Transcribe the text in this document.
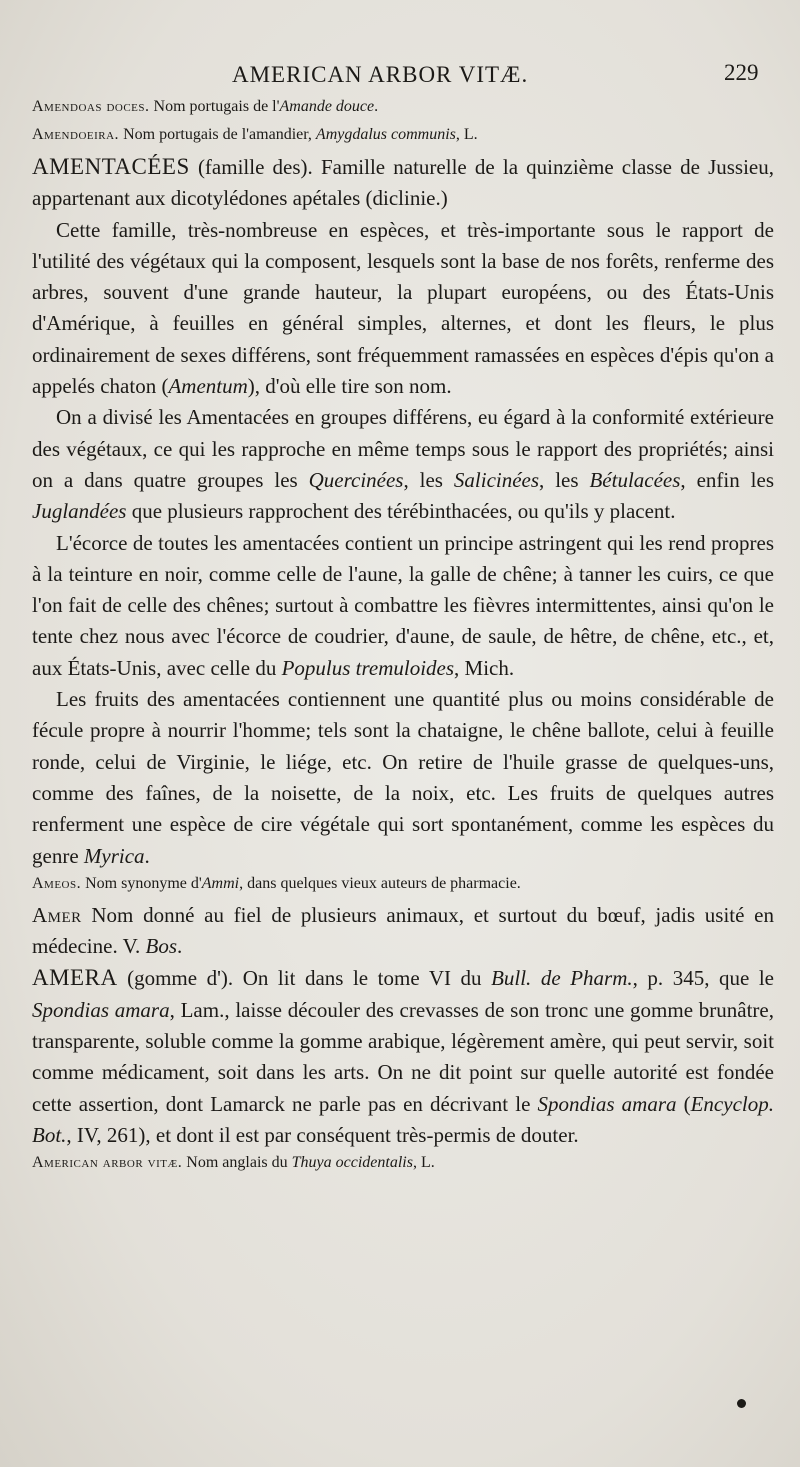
AMERICAN ARBOR VITÆ.	229

Amendoas doces. Nom portugais de l'Amande douce.

Amendoeira. Nom portugais de l'amandier, Amygdalus communis, L.

AMENTACÉES (famille des). Famille naturelle de la quinzième classe de Jussieu, appartenant aux dicotylédones apétales (diclinie.)

Cette famille, très-nombreuse en espèces, et très-importante sous le rapport de l'utilité des végétaux qui la composent, lesquels sont la base de nos forêts, renferme des arbres, souvent d'une grande hauteur, la plupart européens, ou des États-Unis d'Amérique, à feuilles en général simples, alternes, et dont les fleurs, le plus ordinairement de sexes différens, sont fréquemment ramassées en espèces d'épis qu'on a appelés chaton (Amentum), d'où elle tire son nom.

On a divisé les Amentacées en groupes différens, eu égard à la conformité extérieure des végétaux, ce qui les rapproche en même temps sous le rapport des propriétés; ainsi on a dans quatre groupes les Quercinées, les Salicinées, les Bétulacées, enfin les Juglandées que plusieurs rapprochent des térébinthacées, ou qu'ils y placent.

L'écorce de toutes les amentacées contient un principe astringent qui les rend propres à la teinture en noir, comme celle de l'aune, la galle de chêne; à tanner les cuirs, ce que l'on fait de celle des chênes; surtout à combattre les fièvres intermittentes, ainsi qu'on le tente chez nous avec l'écorce de coudrier, d'aune, de saule, de hêtre, de chêne, etc., et, aux États-Unis, avec celle du Populus tremuloides, Mich.

Les fruits des amentacées contiennent une quantité plus ou moins considérable de fécule propre à nourrir l'homme; tels sont la chataigne, le chêne ballote, celui à feuille ronde, celui de Virginie, le liége, etc. On retire de l'huile grasse de quelques-uns, comme des faînes, de la noisette, de la noix, etc. Les fruits de quelques autres renferment une espèce de cire végétale qui sort spontanément, comme les espèces du genre Myrica.

Ameos. Nom synonyme d'Ammi, dans quelques vieux auteurs de pharmacie.

Amer Nom donné au fiel de plusieurs animaux, et surtout du bœuf, jadis usité en médecine. V. Bos.

AMERA (gomme d'). On lit dans le tome VI du Bull. de Pharm., p. 345, que le Spondias amara, Lam., laisse découler des crevasses de son tronc une gomme brunâtre, transparente, soluble comme la gomme arabique, légèrement amère, qui peut servir, soit comme médicament, soit dans les arts. On ne dit point sur quelle autorité est fondée cette assertion, dont Lamarck ne parle pas en décrivant le Spondias amara (Encyclop. Bot., IV, 261), et dont il est par conséquent très-permis de douter.

American arbor vitæ. Nom anglais du Thuya occidentalis, L.
